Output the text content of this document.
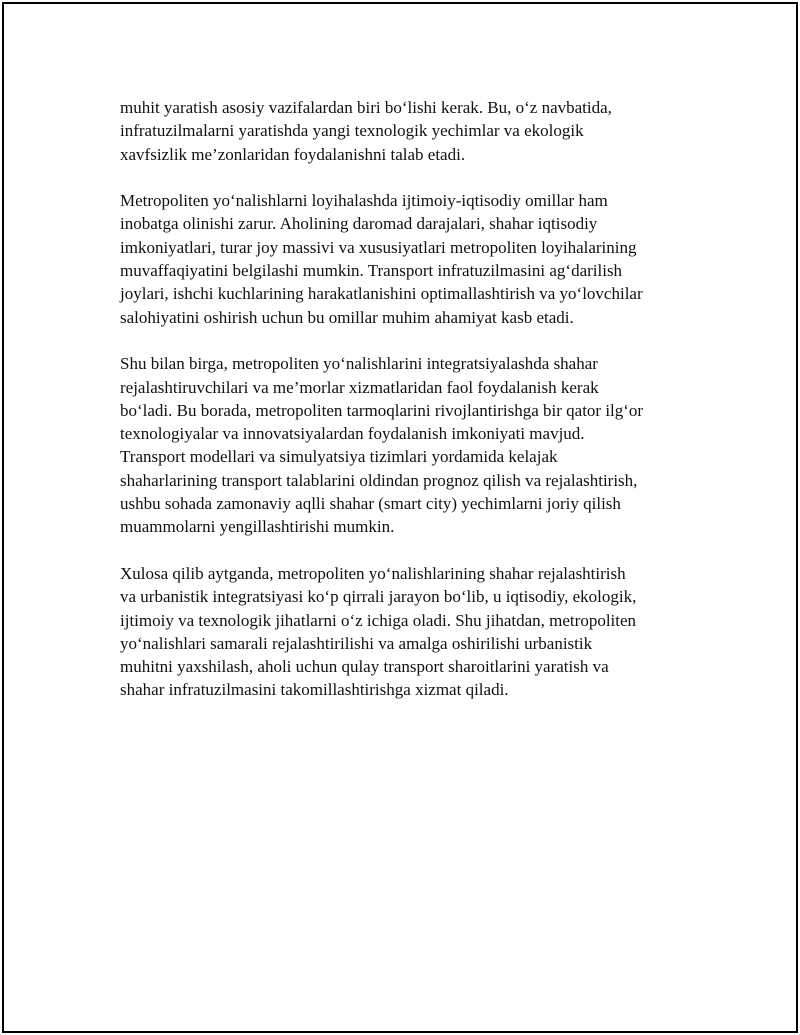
muhit yaratish asosiy vazifalardan biri bo‘lishi kerak. Bu, o‘z navbatida,
infratuzilmalarni yaratishda yangi texnologik yechimlar va ekologik
xavfsizlik me’zonlaridan foydalanishni talab etadi.

Metropoliten yo‘nalishlarni loyihalashda ijtimoiy-iqtisodiy omillar ham
inobatga olinishi zarur. Aholining daromad darajalari, shahar iqtisodiy
imkoniyatlari, turar joy massivi va xususiyatlari metropoliten loyihalarining
muvaffaqiyatini belgilashi mumkin. Transport infratuzilmasini ag‘darilish
joylari, ishchi kuchlarining harakatlanishini optimallashtirish va yo‘lovchilar
salohiyatini oshirish uchun bu omillar muhim ahamiyat kasb etadi.

Shu bilan birga, metropoliten yo‘nalishlarini integratsiyalashda shahar
rejalashtiruvchilari va me’morlar xizmatlaridan faol foydalanish kerak
bo‘ladi. Bu borada, metropoliten tarmoqlarini rivojlantirishga bir qator ilg‘or
texnologiyalar va innovatsiyalardan foydalanish imkoniyati mavjud.
Transport modellari va simulyatsiya tizimlari yordamida kelajak
shaharlarining transport talablarini oldindan prognoz qilish va rejalashtirish,
ushbu sohada zamonaviy aqlli shahar (smart city) yechimlarni joriy qilish
muammolarni yengillashtirishi mumkin.

Xulosa qilib aytganda, metropoliten yo‘nalishlarining shahar rejalashtirish
va urbanistik integratsiyasi ko‘p qirrali jarayon bo‘lib, u iqtisodiy, ekologik,
ijtimoiy va texnologik jihatlarni o‘z ichiga oladi. Shu jihatdan, metropoliten
yo‘nalishlari samarali rejalashtirilishi va amalga oshirilishi urbanistik
muhitni yaxshilash, aholi uchun qulay transport sharoitlarini yaratish va
shahar infratuzilmasini takomillashtirishga xizmat qiladi.
